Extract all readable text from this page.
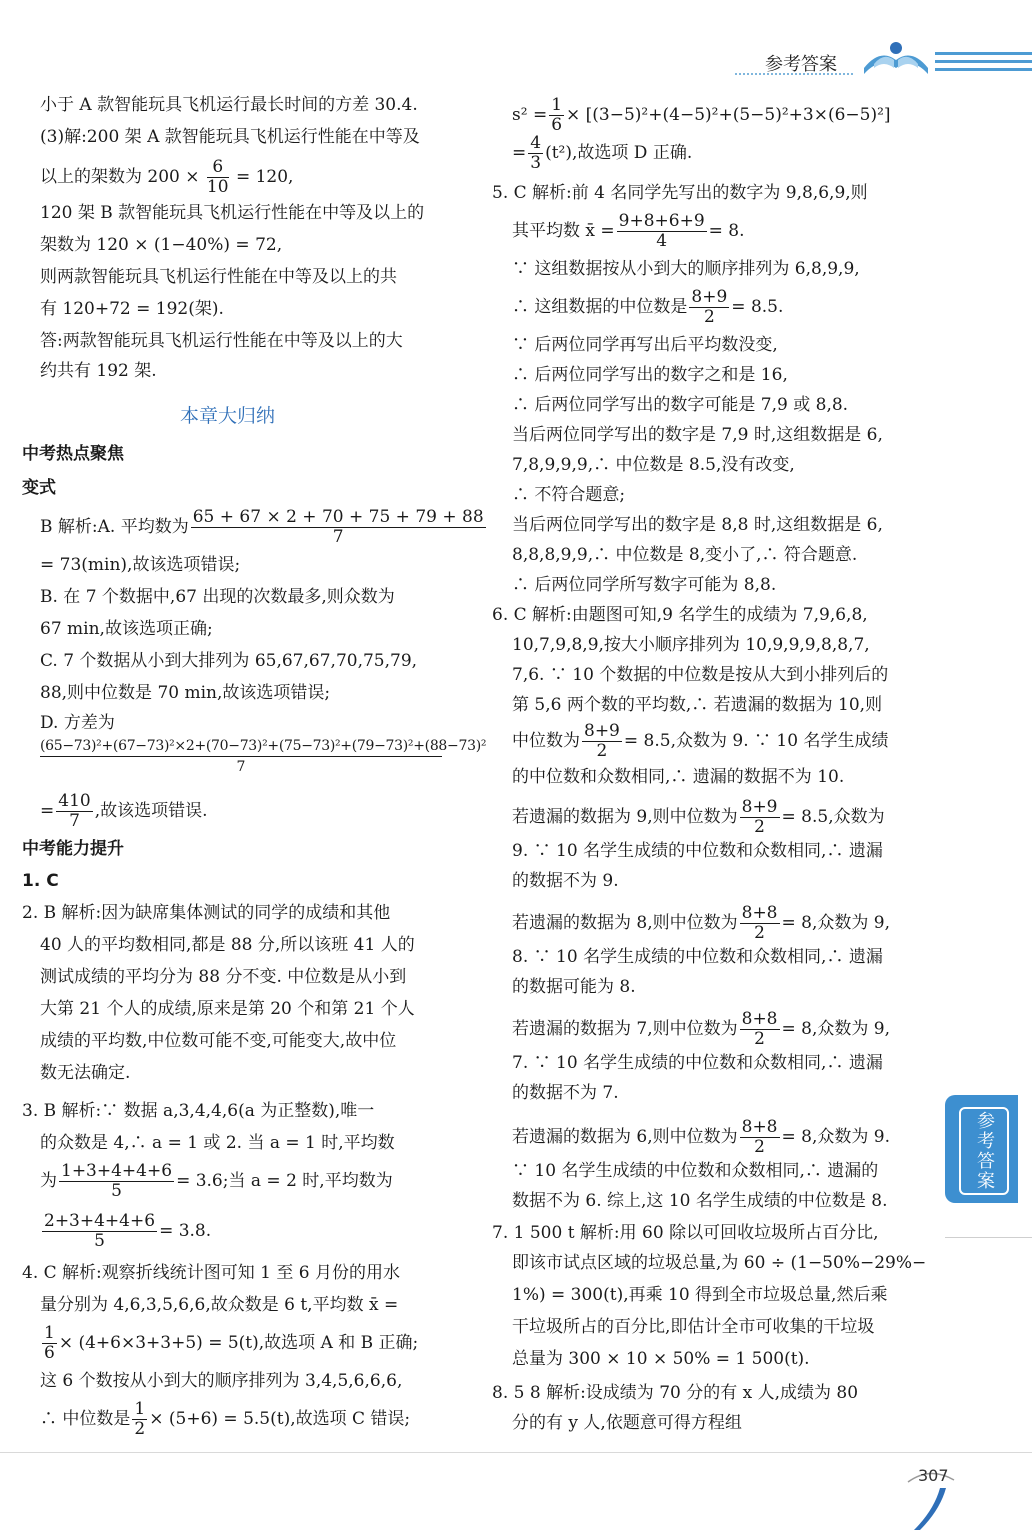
参考答案
小于 A 款智能玩具飞机运行最长时间的方差 30.4.
(3)解:200 架 A 款智能玩具飞机运行性能在中等及
以上的架数为 $200 \times \frac{6}{10} = 120$,
120 架 B 款智能玩具飞机运行性能在中等及以上的
架数为 120 × (1−40%) = 72,
则两款智能玩具飞机运行性能在中等及以上的共
有 120+72 = 192(架).
答:两款智能玩具飞机运行性能在中等及以上的大
约共有 192 架.
本章大归纳
中考热点聚焦
变式
B 解析:A. 平均数为 $\frac{65 + 67 \times 2 + 70 + 75 + 79 + 88}{7}$
= 73(min),故该选项错误;
B. 在 7 个数据中,67 出现的次数最多,则众数为
67 min,故该选项正确;
C. 7 个数据从小到大排列为 65,67,67,70,75,79,
88,则中位数是 70 min,故该选项错误;
D. 方差为
$\frac{\text{(65−73)²+(67−73)²×2+(70−73)²+(75−73)²+(79−73)²+(88−73)²}}{7}$
= $\frac{410}{7}$ ,故该选项错误.
中考能力提升
1. C
2. B 解析:因为缺席集体测试的同学的成绩和其他
40 人的平均数相同,都是 88 分,所以该班 41 人的
测试成绩的平均分为 88 分不变. 中位数是从小到
大第 21 个人的成绩,原来是第 20 个和第 21 个人
成绩的平均数,中位数可能不变,可能变大,故中位
数无法确定.
3. B 解析:∵ 数据 a,3,4,4,6(a 为正整数),唯一
的众数是 4,∴ a = 1 或 2. 当 a = 1 时,平均数
为 $\frac{1+3+4+4+6}{5} = 3.6$;当 a = 2 时,平均数为
$\frac{2+3+4+4+6}{5} = 3.8$.
4. C 解析:观察折线统计图可知 1 至 6 月份的用水
量分别为 4,6,3,5,6,6,故众数是 6 t,平均数 x̄ =
$\frac{1}{6} \times (4+6\times 3+3+5) = 5(t)$,故选项 A 和 B 正确;
这 6 个数按从小到大的顺序排列为 3,4,5,6,6,6,
∴ 中位数是 $\frac{1}{2} \times (5+6) = 5.5(t)$,故选项 C 错误;
$s^2 = \frac{1}{6} \times [(3-5)^2+(4-5)^2+(5-5)^2+3\times(6-5)^2]$
= $\frac{4}{3} (t^2)$,故选项 D 正确.
5. C 解析:前 4 名同学先写出的数字为 9,8,6,9,则
其平均数 x̄ = $\frac{9+8+6+9}{4} = 8$.
∵ 这组数据按从小到大的顺序排列为 6,8,9,9,
∴ 这组数据的中位数是 $\frac{8+9}{2} = 8.5$.
∵ 后两位同学再写出后平均数没变,
∴ 后两位同学写出的数字之和是 16,
∴ 后两位同学写出的数字可能是 7,9 或 8,8.
当后两位同学写出的数字是 7,9 时,这组数据是 6,
7,8,9,9,9,∴ 中位数是 8.5,没有改变,
∴ 不符合题意;
当后两位同学写出的数字是 8,8 时,这组数据是 6,
8,8,8,9,9,∴ 中位数是 8,变小了,∴ 符合题意.
∴ 后两位同学所写数字可能为 8,8.
6. C 解析:由题图可知,9 名学生的成绩为 7,9,6,8,
10,7,9,8,9,按大小顺序排列为 10,9,9,9,8,8,7,
7,6. ∵ 10 个数据的中位数是按从大到小排列后的
第 5,6 两个数的平均数,∴ 若遗漏的数据为 10,则
中位数为 $\frac{8+9}{2} = 8.5$,众数为 9. ∵ 10 名学生成绩
的中位数和众数相同,∴ 遗漏的数据不为 10.
若遗漏的数据为 9,则中位数为 $\frac{8+9}{2} = 8.5$,众数为
9. ∵ 10 名学生成绩的中位数和众数相同,∴ 遗漏
的数据不为 9.
若遗漏的数据为 8,则中位数为 $\frac{8+8}{2} = 8$,众数为 9,
8. ∵ 10 名学生成绩的中位数和众数相同,∴ 遗漏
的数据可能为 8.
若遗漏的数据为 7,则中位数为 $\frac{8+8}{2} = 8$,众数为 9,
7. ∵ 10 名学生成绩的中位数和众数相同,∴ 遗漏
的数据不为 7.
若遗漏的数据为 6,则中位数为 $\frac{8+8}{2} = 8$,众数为 9.
∵ 10 名学生成绩的中位数和众数相同,∴ 遗漏的
数据不为 6. 综上,这 10 名学生成绩的中位数是 8.
7. 1 500 t 解析:用 60 除以可回收垃圾所占百分比,
即该市试点区域的垃圾总量,为 60 ÷ (1−50%−29%−
1%) = 300(t),再乘 10 得到全市垃圾总量,然后乘
干垃圾所占的百分比,即估计全市可收集的干垃圾
总量为 300 × 10 × 50% = 1 500(t).
8. 5 8 解析:设成绩为 70 分的有 x 人,成绩为 80
分的有 y 人,依题意可得方程组
参考答案
307
